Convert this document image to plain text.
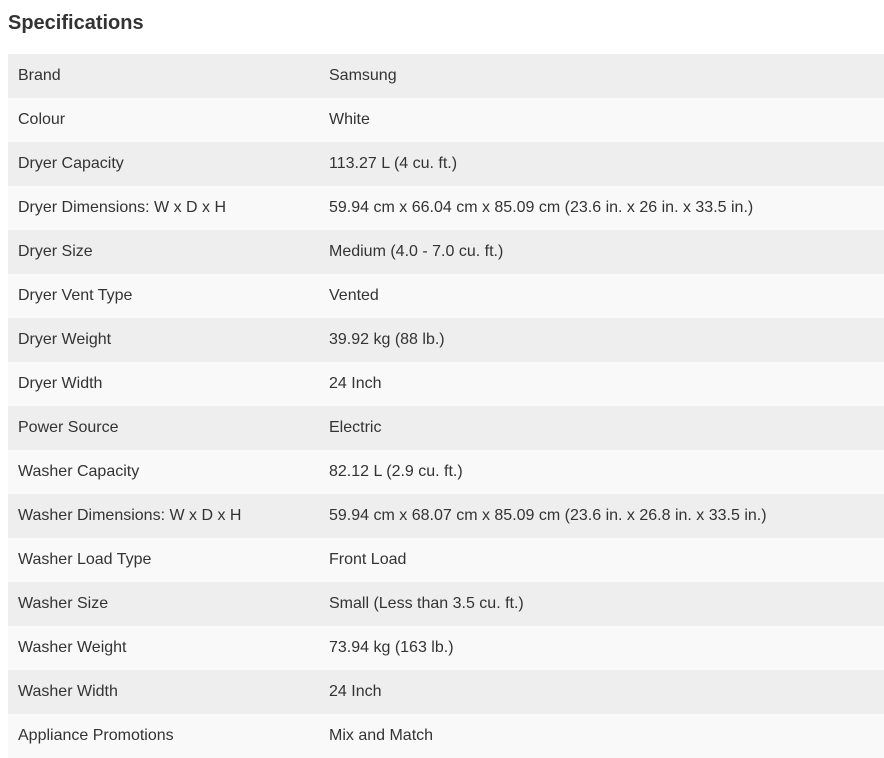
Specifications
Brand	Samsung
Colour	White
Dryer Capacity	113.27 L (4 cu. ft.)
Dryer Dimensions: W x D x H	59.94 cm x 66.04 cm x 85.09 cm (23.6 in. x 26 in. x 33.5 in.)
Dryer Size	Medium (4.0 - 7.0 cu. ft.)
Dryer Vent Type	Vented
Dryer Weight	39.92 kg (88 lb.)
Dryer Width	24 Inch
Power Source	Electric
Washer Capacity	82.12 L (2.9 cu. ft.)
Washer Dimensions: W x D x H	59.94 cm x 68.07 cm x 85.09 cm (23.6 in. x 26.8 in. x 33.5 in.)
Washer Load Type	Front Load
Washer Size	Small (Less than 3.5 cu. ft.)
Washer Weight	73.94 kg (163 lb.)
Washer Width	24 Inch
Appliance Promotions	Mix and Match
